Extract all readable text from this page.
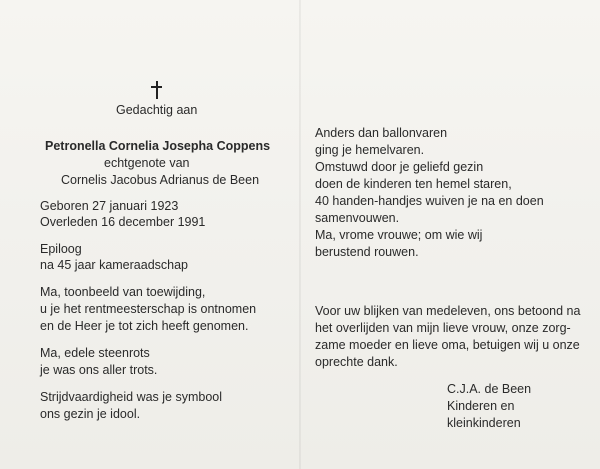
Gedachtig aan
Petronella Cornelia Josepha Coppens
echtgenote van
Cornelis Jacobus Adrianus de Been
Geboren 27 januari 1923
Overleden 16 december 1991
Epiloog
na 45 jaar kameraadschap
Ma, toonbeeld van toewijding,
u je het rentmeesterschap is ontnomen
en de Heer je tot zich heeft genomen.
Ma, edele steenrots
je was ons aller trots.
Strijdvaardigheid was je symbool
ons gezin je idool.
Anders dan ballonvaren
ging je hemelvaren.
Omstuwd door je geliefd gezin
doen de kinderen ten hemel staren,
40 handen-handjes wuiven je na en doen
samenvouwen.
Ma, vrome vrouwe; om wie wij
berustend rouwen.
Voor uw blijken van medeleven, ons betoond na
het overlijden van mijn lieve vrouw, onze zorg-
zame moeder en lieve oma, betuigen wij u onze
oprechte dank.
C.J.A. de Been
Kinderen en
kleinkinderen
